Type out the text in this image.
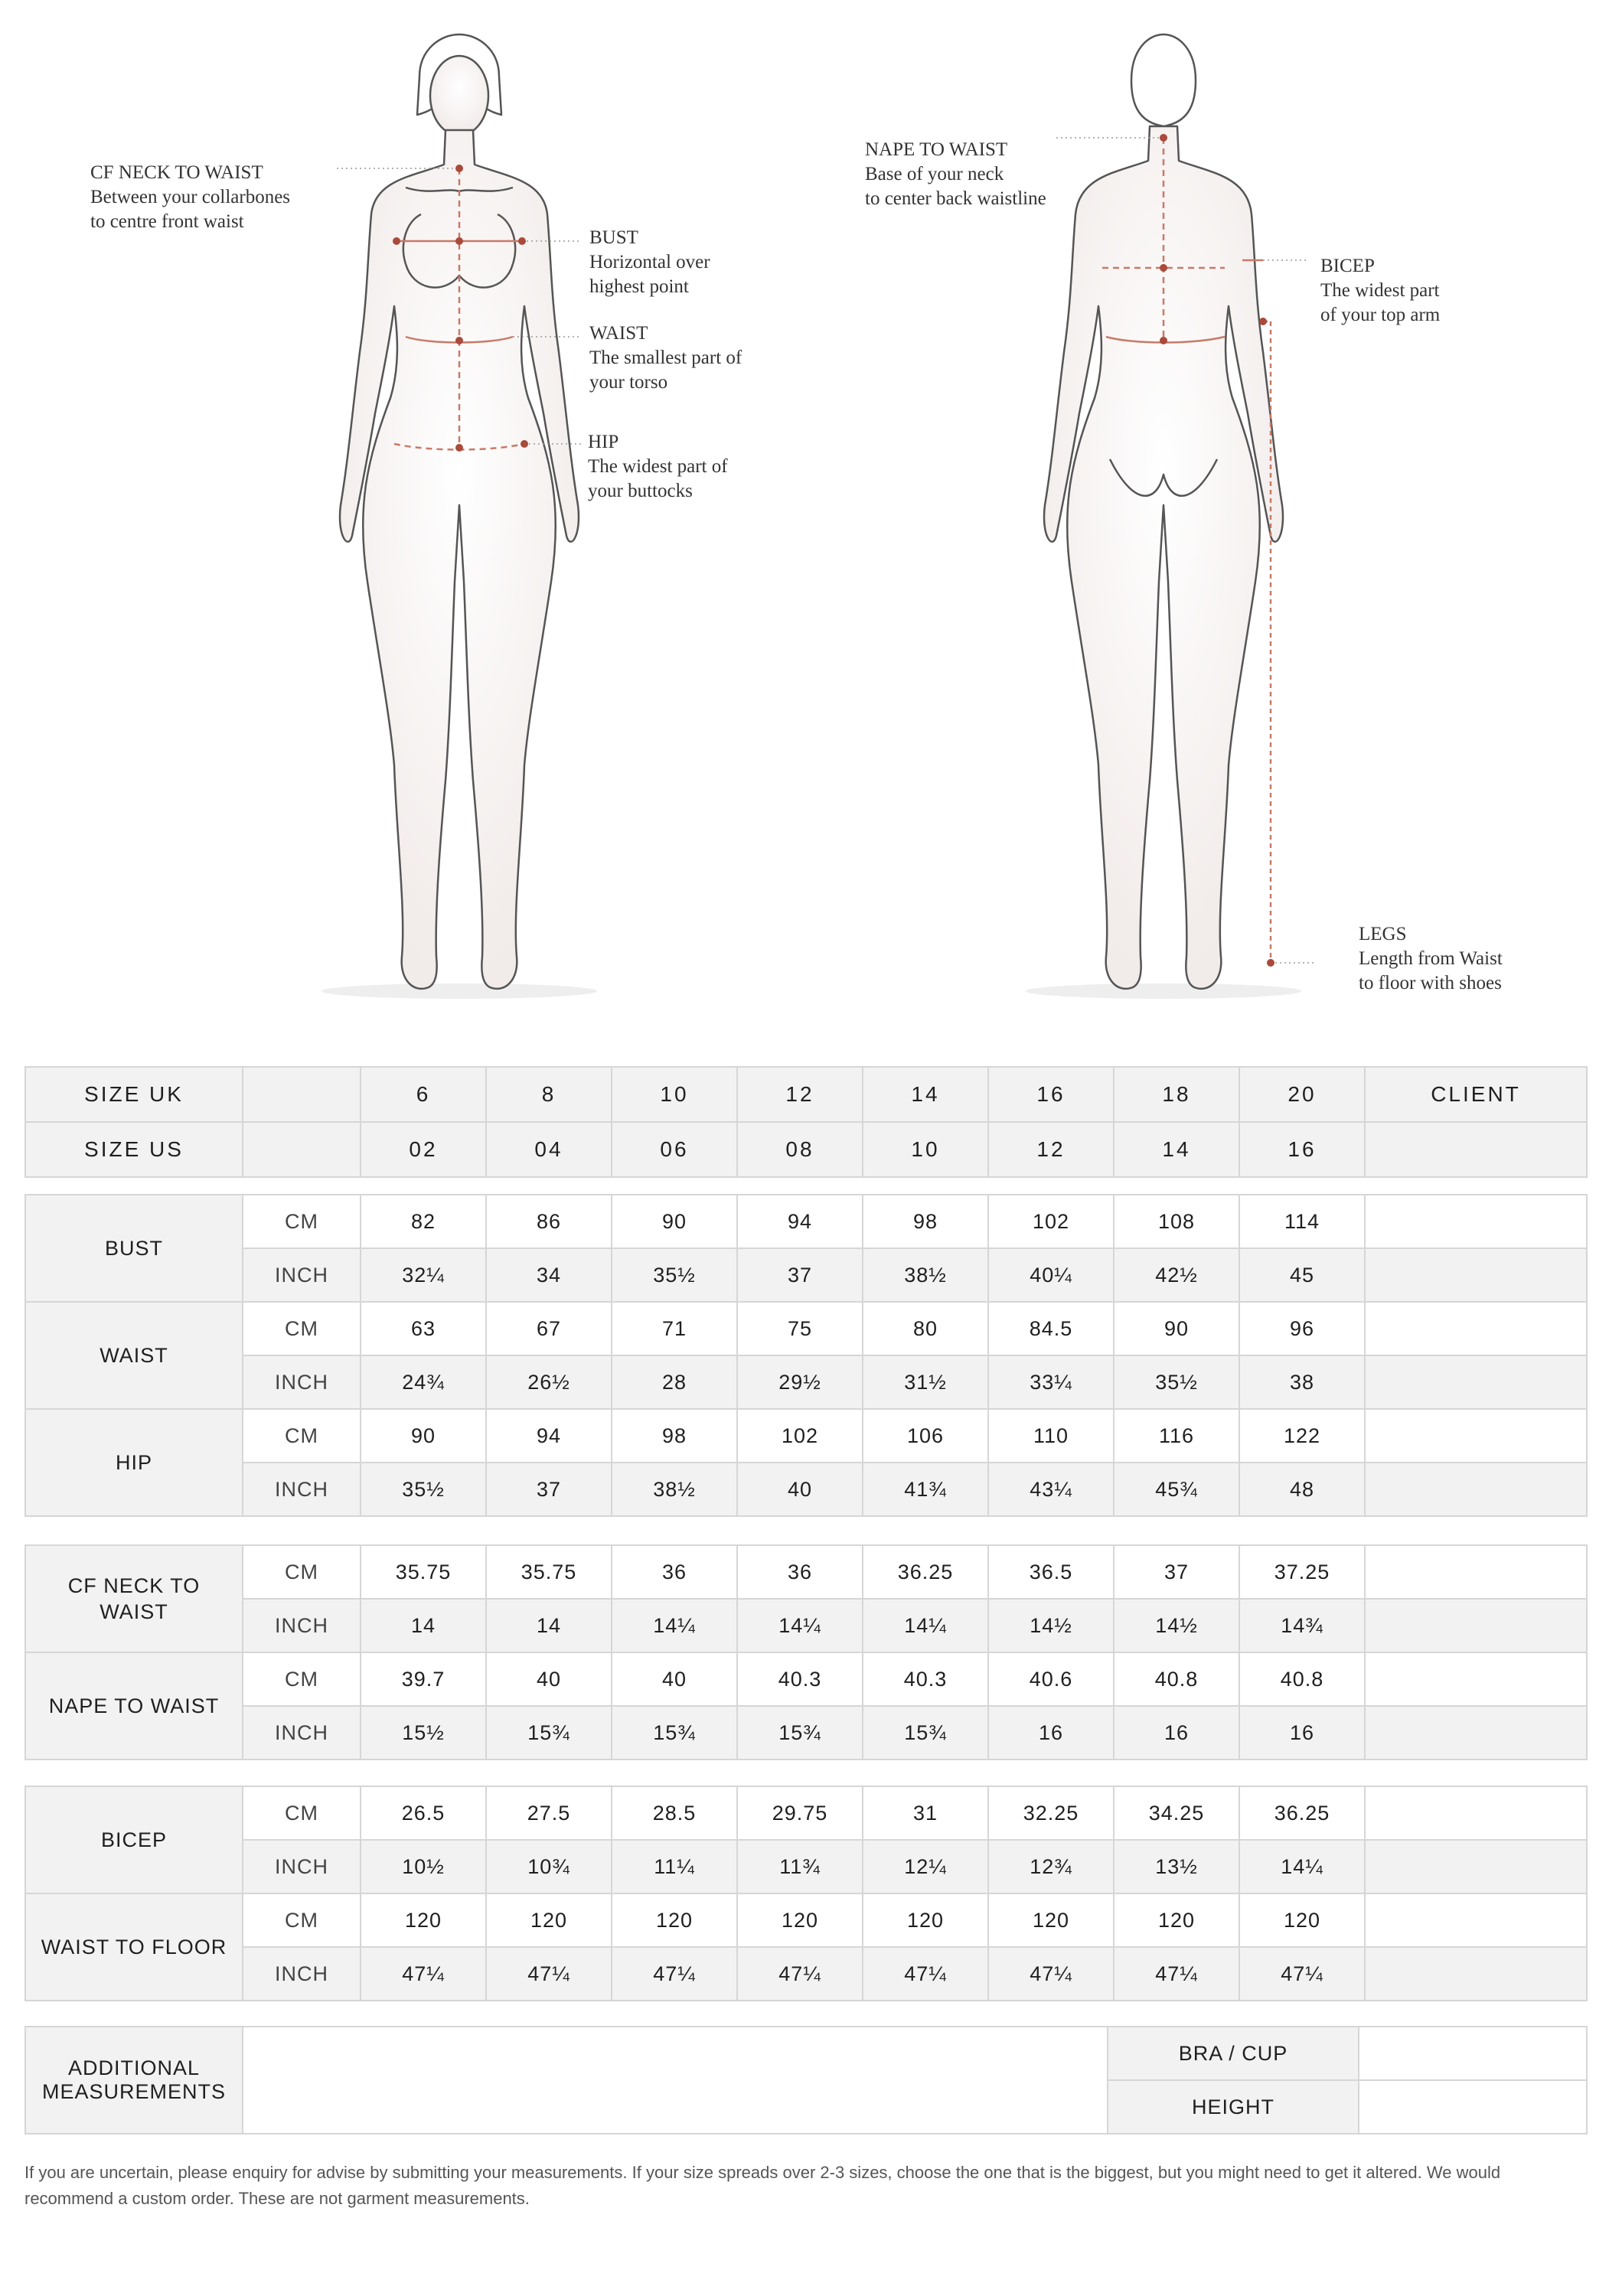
CF NECK TO WAIST
Between your collarbones
to centre front waist
BUST
Horizontal over
highest point
WAIST
The smallest part of
your torso
HIP
The widest part of
your buttocks
NAPE TO WAIST
Base of your neck
to center back waistline
BICEP
The widest part
of your top arm
LEGS
Length from Waist
to floor with shoes
SIZE UK		6	8	10	12	14	16	18	20	CLIENT
SIZE US		02	04	06	08	10	12	14	16	
BUST	CM	82	86	90	94	98	102	108	114	
	INCH	32¼	34	35½	37	38½	40¼	42½	45	
WAIST	CM	63	67	71	75	80	84.5	90	96	
	INCH	24¾	26½	28	29½	31½	33¼	35½	38	
HIP	CM	90	94	98	102	106	110	116	122	
	INCH	35½	37	38½	40	41¾	43¼	45¾	48	
CF NECK TO
WAIST	CM	35.75	35.75	36	36	36.25	36.5	37	37.25	
	INCH	14	14	14¼	14¼	14¼	14½	14½	14¾	
NAPE TO WAIST	CM	39.7	40	40	40.3	40.3	40.6	40.8	40.8	
	INCH	15½	15¾	15¾	15¾	15¾	16	16	16	
BICEP	CM	26.5	27.5	28.5	29.75	31	32.25	34.25	36.25	
	INCH	10½	10¾	11¼	11¾	12¼	12¾	13½	14¼	
WAIST TO FLOOR	CM	120	120	120	120	120	120	120	120	
	INCH	47¼	47¼	47¼	47¼	47¼	47¼	47¼	47¼	
ADDITIONAL
MEASUREMENTS		BRA / CUP	
		HEIGHT	
If you are uncertain, please enquiry for advise by submitting your measurements. If your size spreads over 2-3 sizes, choose the one that is the biggest, but you might need to get it altered. We would recommend a custom order. These are not garment measurements.
